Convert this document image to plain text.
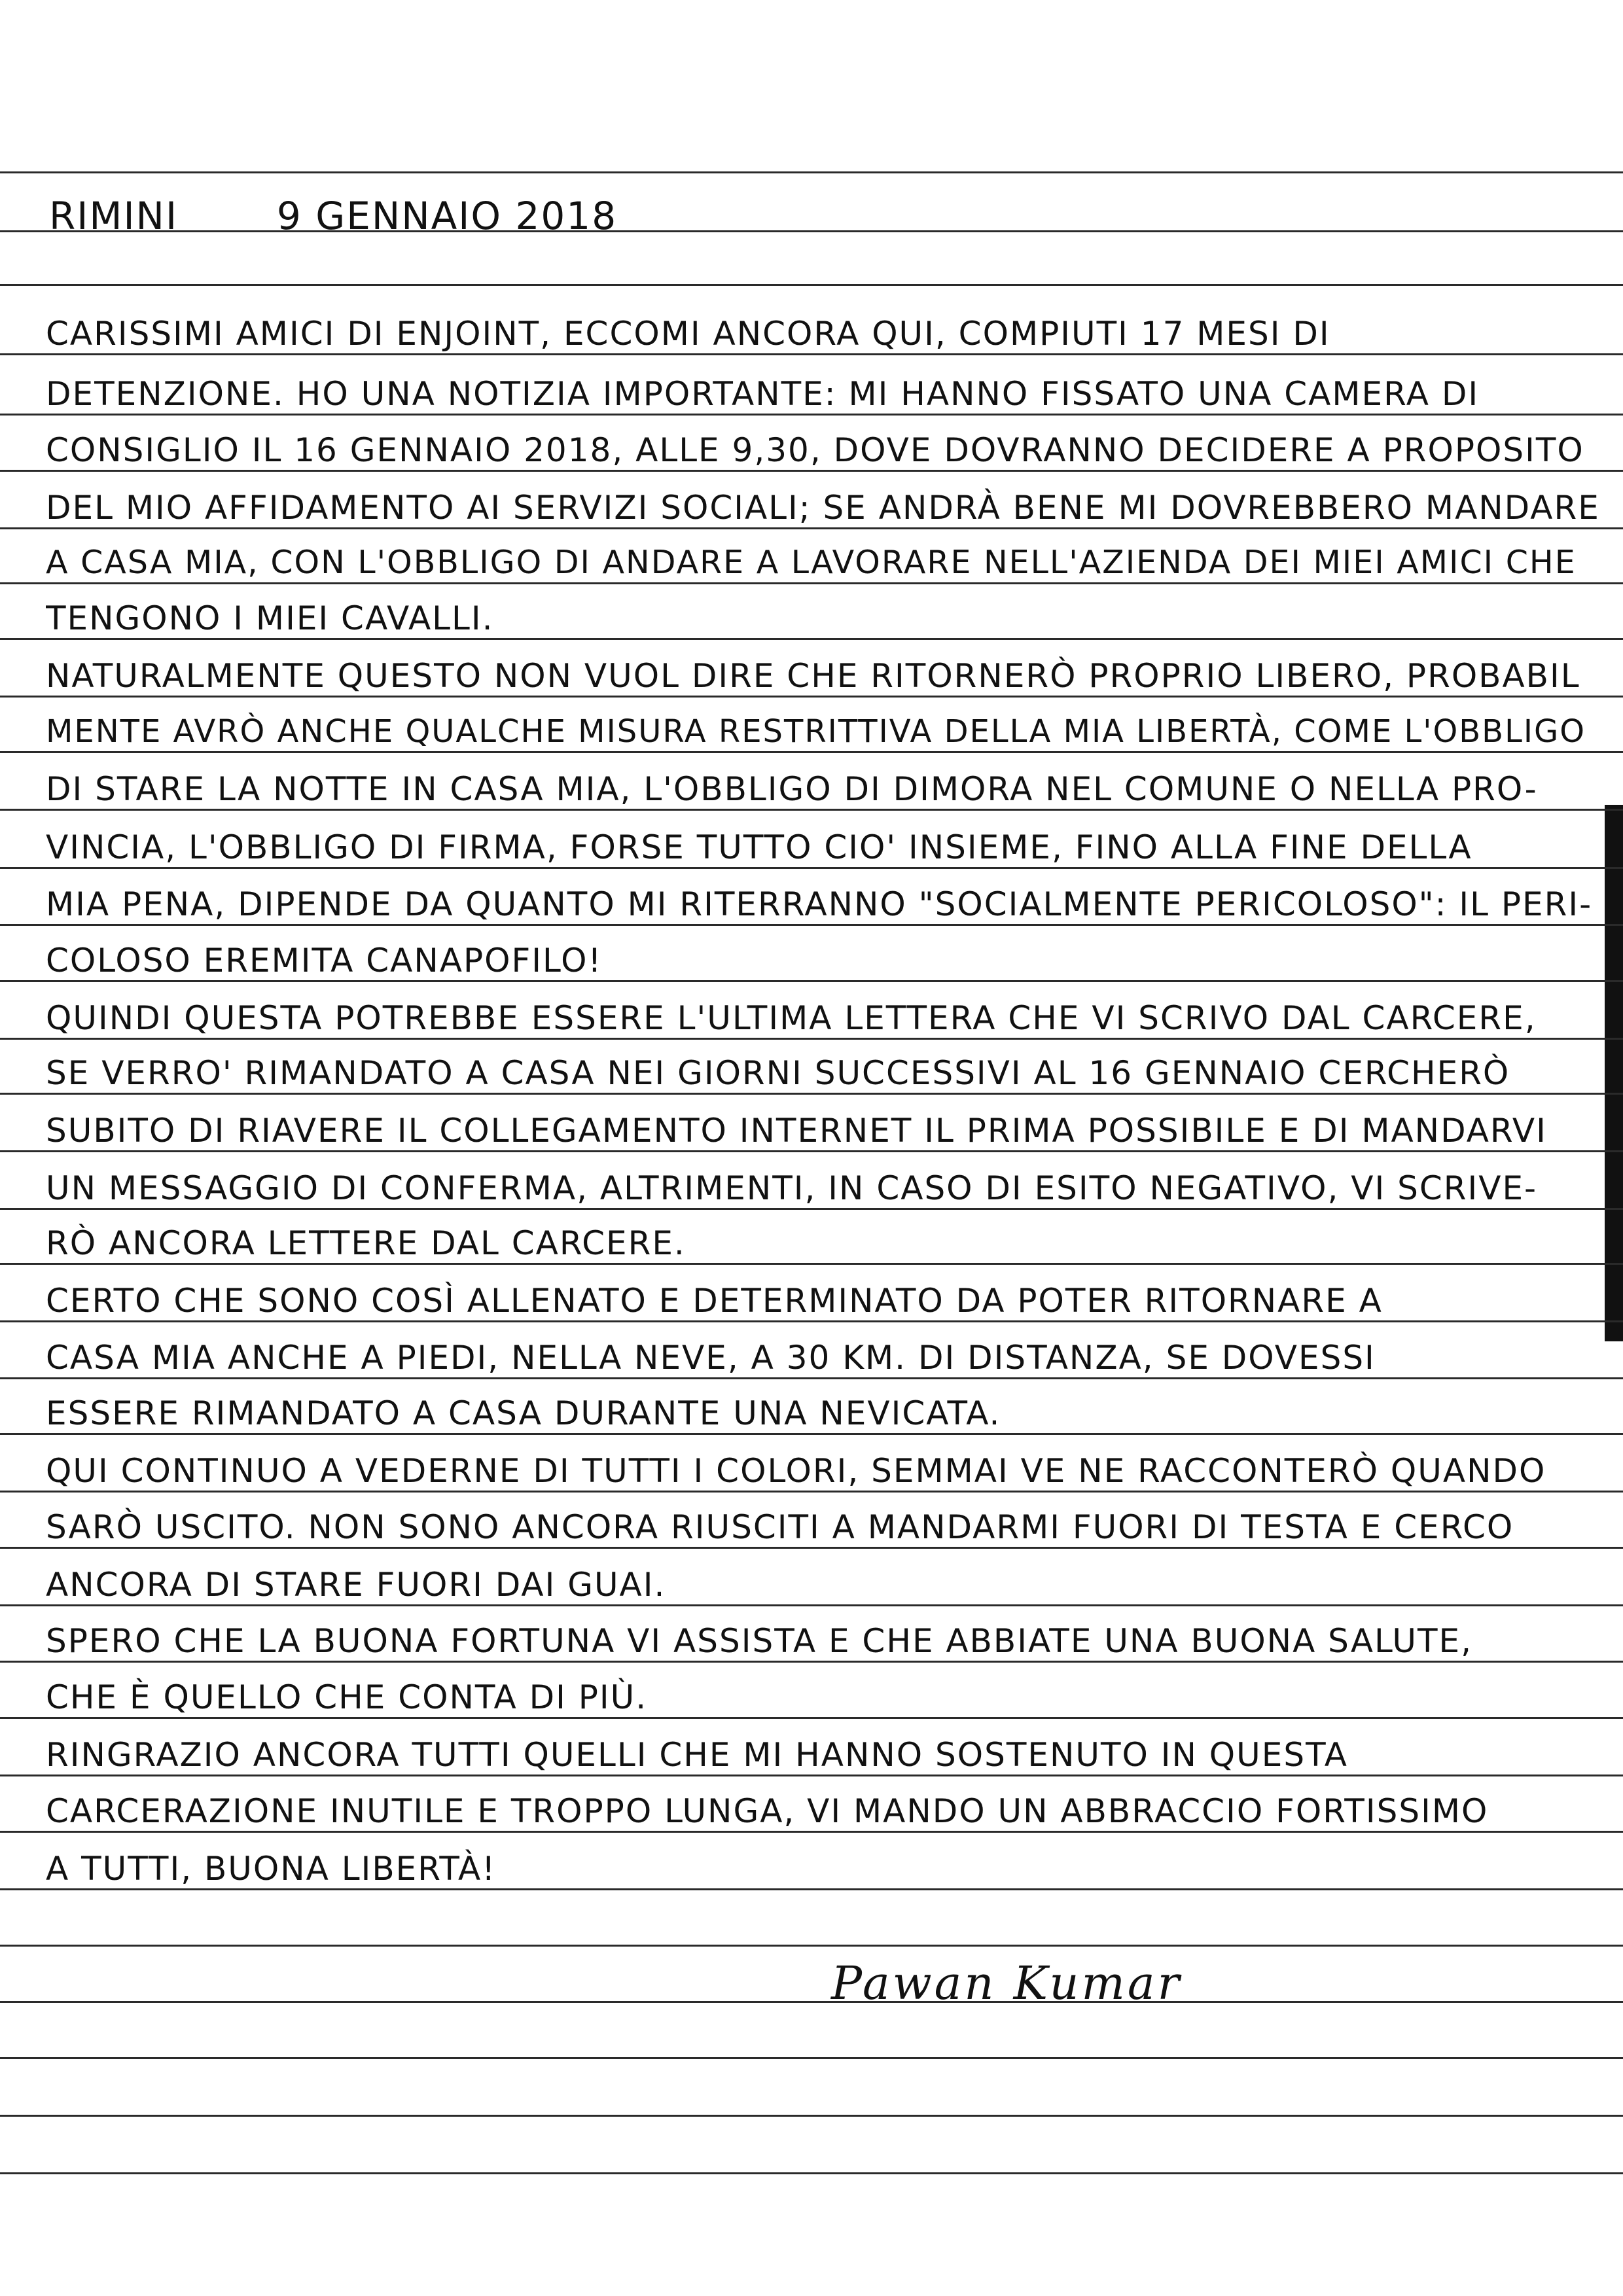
RIMINI	9 GENNAIO 2018
CARISSIMI AMICI DI ENJOINT, ECCOMI ANCORA QUI, COMPIUTI 17 MESI DI
DETENZIONE. HO UNA NOTIZIA IMPORTANTE: MI HANNO FISSATO UNA CAMERA DI
CONSIGLIO IL 16 GENNAIO 2018, ALLE 9,30, DOVE DOVRANNO DECIDERE A PROPOSITO
DEL MIO AFFIDAMENTO AI SERVIZI SOCIALI; SE ANDRÀ BENE MI DOVREBBERO MANDARE
A CASA MIA, CON L'OBBLIGO DI ANDARE A LAVORARE NELL'AZIENDA DEI MIEI AMICI CHE
TENGONO I MIEI CAVALLI.
NATURALMENTE QUESTO NON VUOL DIRE CHE RITORNERÒ PROPRIO LIBERO, PROBABIL
MENTE AVRÒ ANCHE QUALCHE MISURA RESTRITTIVA DELLA MIA LIBERTÀ, COME L'OBBLIGO
DI STARE LA NOTTE IN CASA MIA, L'OBBLIGO DI DIMORA NEL COMUNE O NELLA PRO-
VINCIA, L'OBBLIGO DI FIRMA, FORSE TUTTO CIO' INSIEME, FINO ALLA FINE DELLA
MIA PENA, DIPENDE DA QUANTO MI RITERRANNO "SOCIALMENTE PERICOLOSO": IL PERI-
COLOSO EREMITA CANAPOFILO!
QUINDI QUESTA POTREBBE ESSERE L'ULTIMA LETTERA CHE VI SCRIVO DAL CARCERE,
SE VERRO' RIMANDATO A CASA NEI GIORNI SUCCESSIVI AL 16 GENNAIO CERCHERÒ
SUBITO DI RIAVERE IL COLLEGAMENTO INTERNET IL PRIMA POSSIBILE E DI MANDARVI
UN MESSAGGIO DI CONFERMA, ALTRIMENTI, IN CASO DI ESITO NEGATIVO, VI SCRIVE-
RÒ ANCORA LETTERE DAL CARCERE.
CERTO CHE SONO COSÌ ALLENATO E DETERMINATO DA POTER RITORNARE A
CASA MIA ANCHE A PIEDI, NELLA NEVE, A 30 KM. DI DISTANZA, SE DOVESSI
ESSERE RIMANDATO A CASA DURANTE UNA NEVICATA.
QUI CONTINUO A VEDERNE DI TUTTI I COLORI, SEMMAI VE NE RACCONTERÒ QUANDO
SARÒ USCITO. NON SONO ANCORA RIUSCITI A MANDARMI FUORI DI TESTA E CERCO
ANCORA DI STARE FUORI DAI GUAI.
SPERO CHE LA BUONA FORTUNA VI ASSISTA E CHE ABBIATE UNA BUONA SALUTE,
CHE È QUELLO CHE CONTA DI PIÙ.
RINGRAZIO ANCORA TUTTI QUELLI CHE MI HANNO SOSTENUTO IN QUESTA
CARCERAZIONE INUTILE E TROPPO LUNGA, VI MANDO UN ABBRACCIO FORTISSIMO
A TUTTI, BUONA LIBERTÀ!
Pawan Kumar
